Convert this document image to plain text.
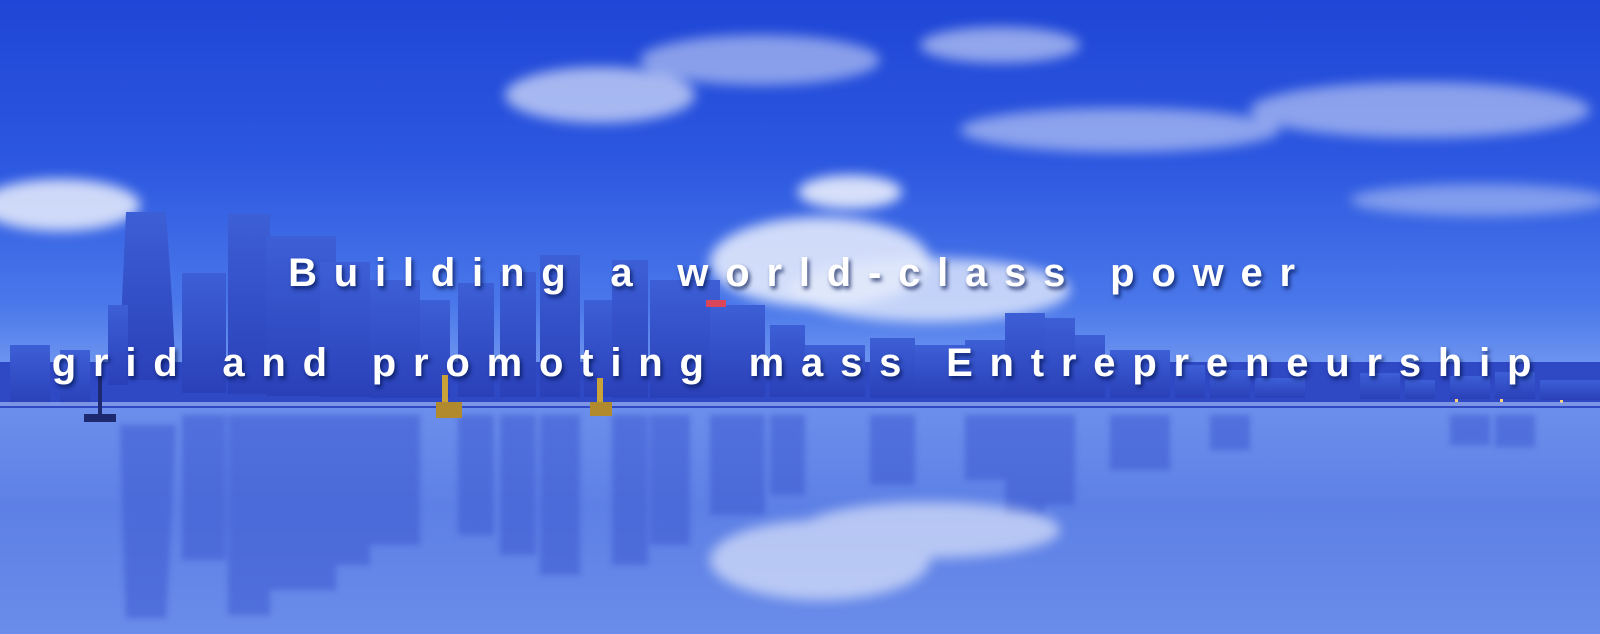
Building a world-class power
grid and promoting mass Entrepreneurship
